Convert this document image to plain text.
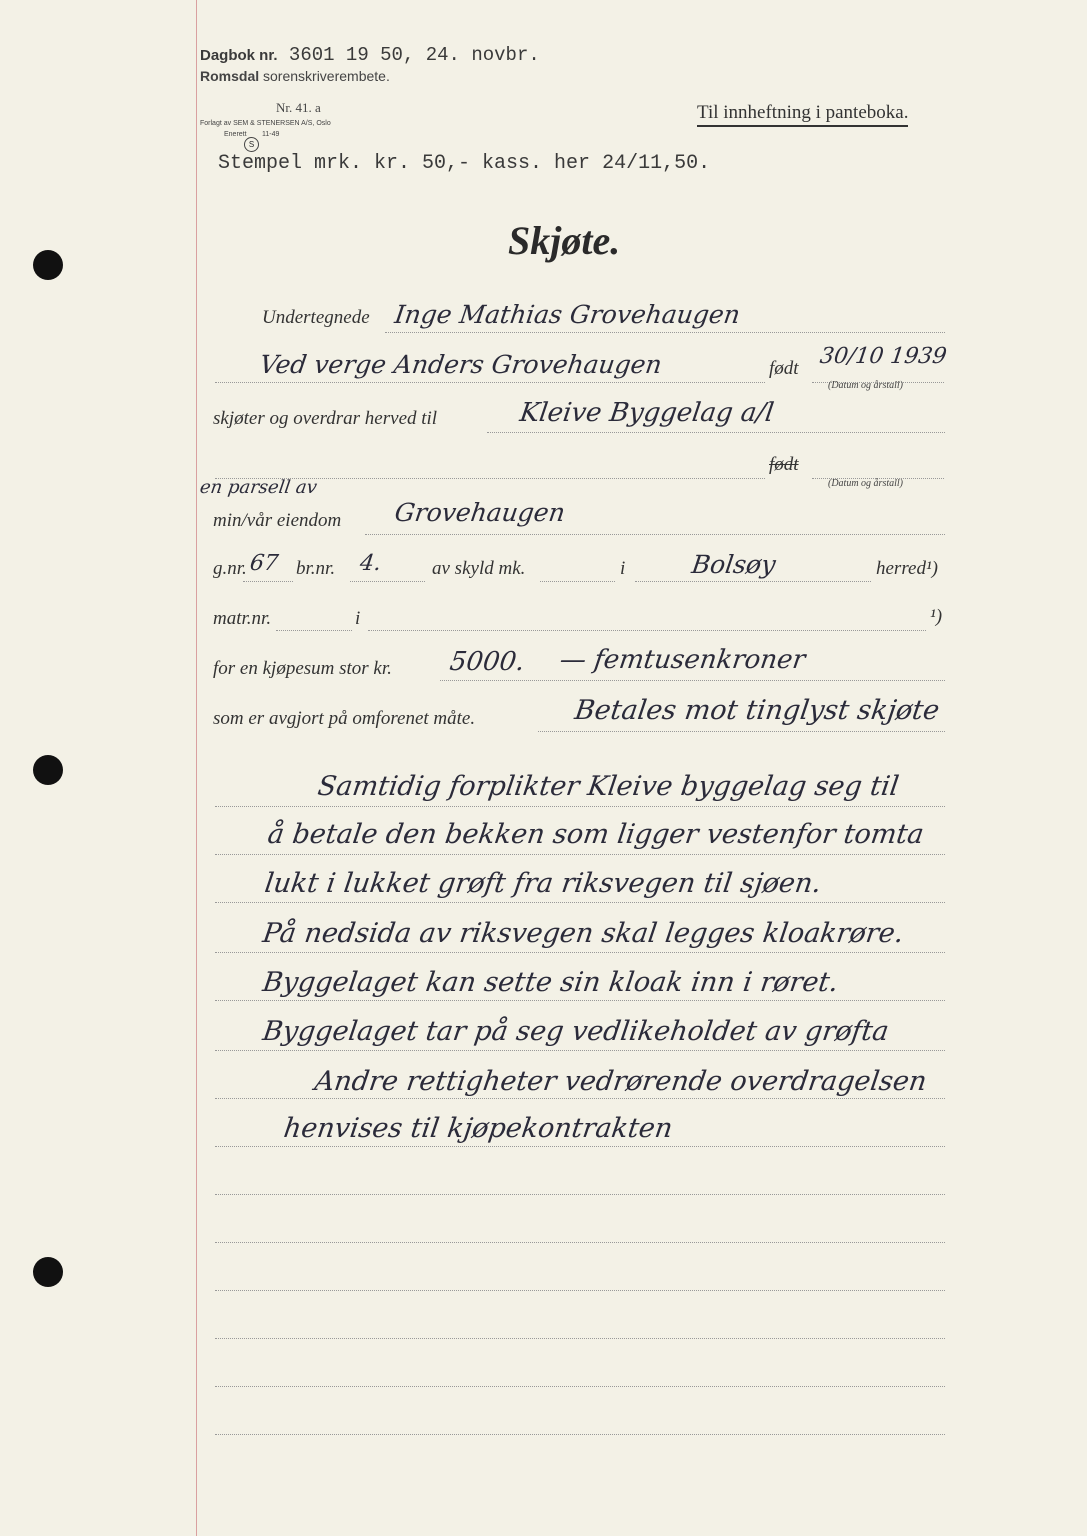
Dagbok nr. 3601 19 50, 24. novbr.
Romsdal sorenskriverembete.
Nr. 41. a
Forlagt av SEM & STENERSEN A/S, Oslo
Enerett
S
11-49
Til innheftning i panteboka.
Stempel mrk. kr. 50,- kass. her 24/11,50.
Skjøte.
Undertegnede Inge Mathias Grovehaugen
Ved verge Anders Grovehaugen	født 30/10 1939
(Datum og årstall)
skjøter og overdrar herved til	Kleive Byggelag a/l
født
(Datum og årstall)
en parsell av
min/vår eiendom Grovehaugen
g.nr. 67 br.nr. 4.	av skyld mk.	i	Bolsøy	herred¹)
matr.nr.	i	¹)
for en kjøpesum stor kr. 5000. — femtusenkroner
som er avgjort på omforenet måte.	Betales mot tinglyst skjøte
Samtidig forplikter Kleive byggelag seg til
å betale den bekken som ligger vestenfor tomta
lukt i lukket grøft fra riksvegen til sjøen.
På nedsida av riksvegen skal legges kloakrøre.
Byggelaget kan sette sin kloak inn i røret.
Byggelaget tar på seg vedlikeholdet av grøfta
Andre rettigheter vedrørende overdragelsen
henvises til kjøpekontrakten
